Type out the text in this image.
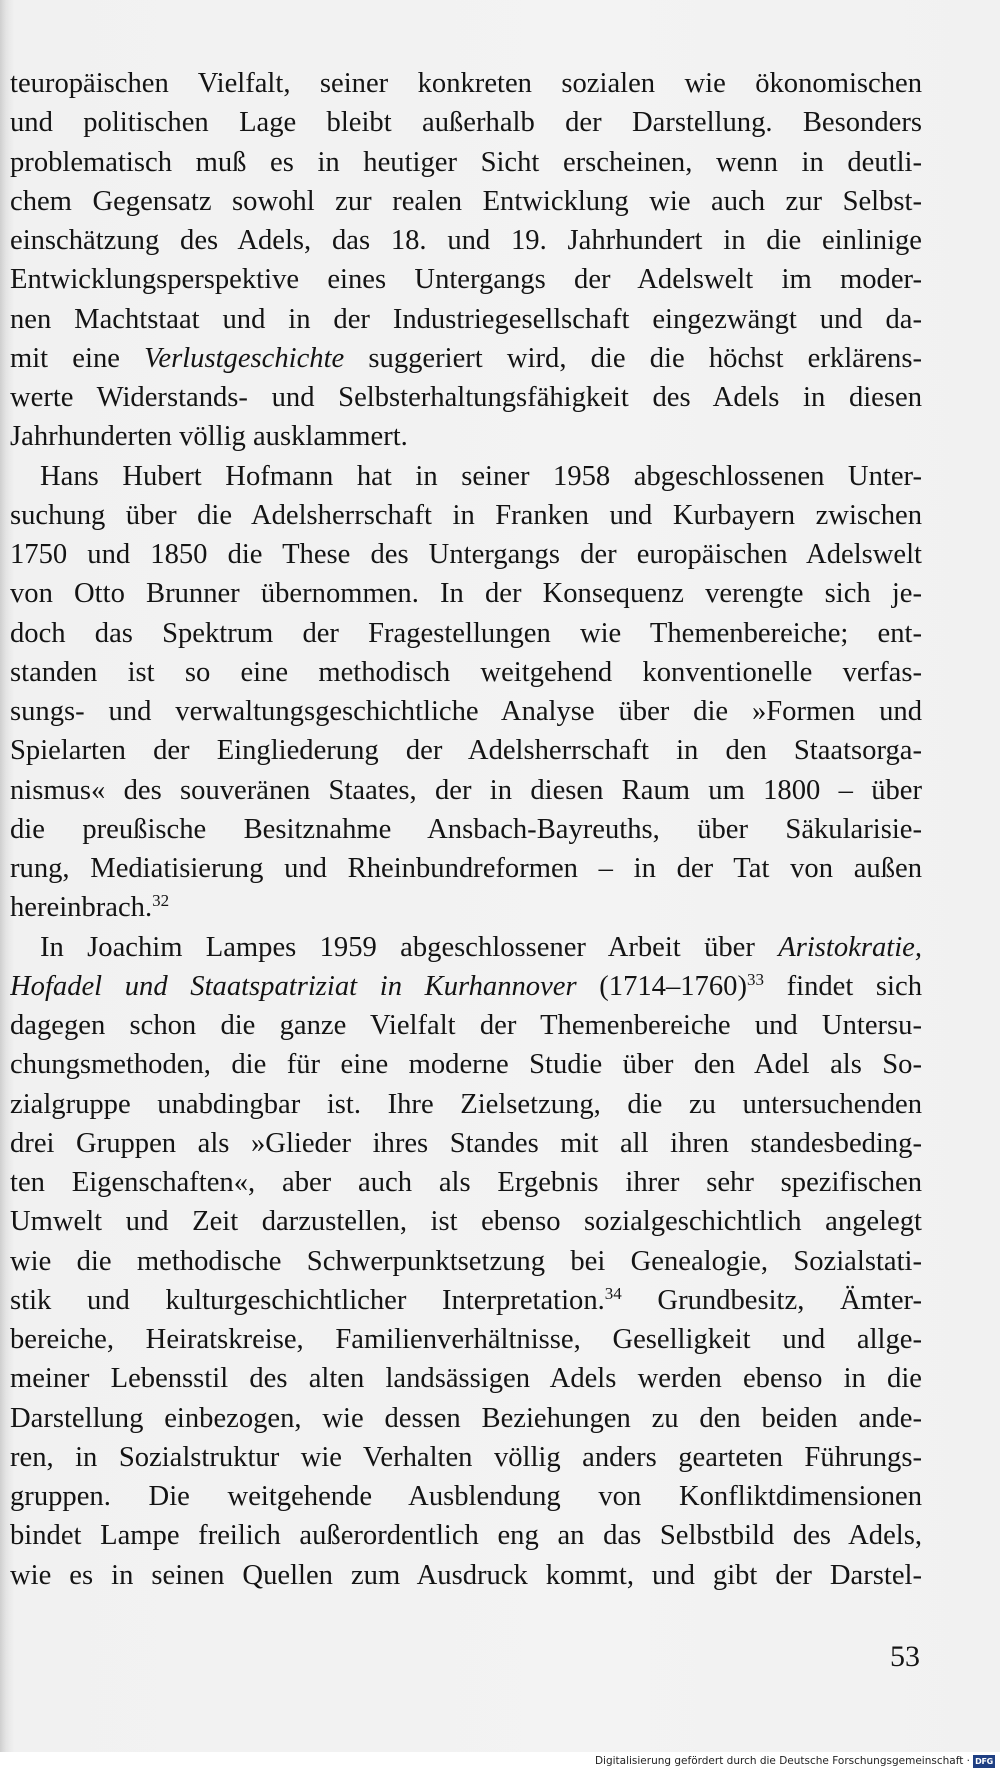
teuropäischen Vielfalt, seiner konkreten sozialen wie ökonomischen
und politischen Lage bleibt außerhalb der Darstellung. Besonders
problematisch muß es in heutiger Sicht erscheinen, wenn in deutli-
chem Gegensatz sowohl zur realen Entwicklung wie auch zur Selbst-
einschätzung des Adels, das 18. und 19. Jahrhundert in die einlinige
Entwicklungsperspektive eines Untergangs der Adelswelt im moder-
nen Machtstaat und in der Industriegesellschaft eingezwängt und da-
mit eine Verlustgeschichte suggeriert wird, die die höchst erklärens-
werte Widerstands- und Selbsterhaltungsfähigkeit des Adels in diesen
Jahrhunderten völlig ausklammert.
Hans Hubert Hofmann hat in seiner 1958 abgeschlossenen Unter-
suchung über die Adelsherrschaft in Franken und Kurbayern zwischen
1750 und 1850 die These des Untergangs der europäischen Adelswelt
von Otto Brunner übernommen. In der Konsequenz verengte sich je-
doch das Spektrum der Fragestellungen wie Themenbereiche; ent-
standen ist so eine methodisch weitgehend konventionelle verfas-
sungs- und verwaltungsgeschichtliche Analyse über die »Formen und
Spielarten der Eingliederung der Adelsherrschaft in den Staatsorga-
nismus« des souveränen Staates, der in diesen Raum um 1800 – über
die preußische Besitznahme Ansbach-Bayreuths, über Säkularisie-
rung, Mediatisierung und Rheinbundreformen – in der Tat von außen
hereinbrach.$^{32}$
In Joachim Lampes 1959 abgeschlossener Arbeit über Aristokratie,
Hofadel und Staatspatriziat in Kurhannover (1714–1760)$^{33}$ findet sich
dagegen schon die ganze Vielfalt der Themenbereiche und Untersu-
chungsmethoden, die für eine moderne Studie über den Adel als So-
zialgruppe unabdingbar ist. Ihre Zielsetzung, die zu untersuchenden
drei Gruppen als »Glieder ihres Standes mit all ihren standesbeding-
ten Eigenschaften«, aber auch als Ergebnis ihrer sehr spezifischen
Umwelt und Zeit darzustellen, ist ebenso sozialgeschichtlich angelegt
wie die methodische Schwerpunktsetzung bei Genealogie, Sozialstati-
stik und kulturgeschichtlicher Interpretation.$^{34}$ Grundbesitz, Ämter-
bereiche, Heiratskreise, Familienverhältnisse, Geselligkeit und allge-
meiner Lebensstil des alten landsässigen Adels werden ebenso in die
Darstellung einbezogen, wie dessen Beziehungen zu den beiden ande-
ren, in Sozialstruktur wie Verhalten völlig anders gearteten Führungs-
gruppen. Die weitgehende Ausblendung von Konfliktdimensionen
bindet Lampe freilich außerordentlich eng an das Selbstbild des Adels,
wie es in seinen Quellen zum Ausdruck kommt, und gibt der Darstel-
53
Digitalisierung gefördert durch die Deutsche Forschungsgemeinschaft · DFG
